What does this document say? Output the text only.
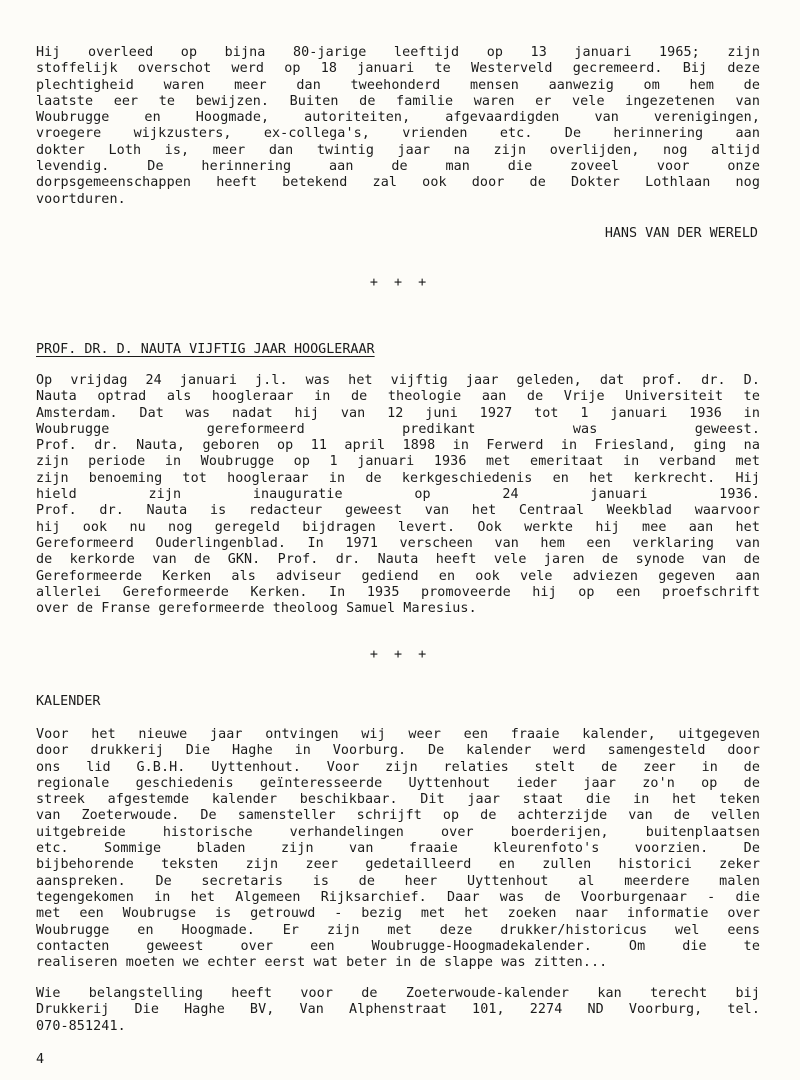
Hij overleed op bijna 80-jarige leeftijd op 13 januari 1965; zijn
stoffelijk overschot werd op 18 januari te Westerveld gecremeerd. Bij deze
plechtigheid waren meer dan tweehonderd mensen aanwezig om hem de
laatste eer te bewijzen. Buiten de familie waren er vele ingezetenen van
Woubrugge en Hoogmade, autoriteiten, afgevaardigden van verenigingen,
vroegere wijkzusters, ex-collega's, vrienden etc. De herinnering aan
dokter Loth is, meer dan twintig jaar na zijn overlijden, nog altijd
levendig. De herinnering aan de man die zoveel voor onze
dorpsgemeenschappen heeft betekend zal ook door de Dokter Lothlaan nog
voortduren.
HANS VAN DER WERELD
+ + +
PROF. DR. D. NAUTA VIJFTIG JAAR HOOGLERAAR
Op vrijdag 24 januari j.l. was het vijftig jaar geleden, dat prof. dr. D.
Nauta optrad als hoogleraar in de theologie aan de Vrije Universiteit te
Amsterdam. Dat was nadat hij van 12 juni 1927 tot 1 januari 1936 in
Woubrugge gereformeerd predikant was geweest.
Prof. dr. Nauta, geboren op 11 april 1898 in Ferwerd in Friesland, ging na
zijn periode in Woubrugge op 1 januari 1936 met emeritaat in verband met
zijn benoeming tot hoogleraar in de kerkgeschiedenis en het kerkrecht. Hij
hield zijn inauguratie op 24 januari 1936.
Prof. dr. Nauta is redacteur geweest van het Centraal Weekblad waarvoor
hij ook nu nog geregeld bijdragen levert. Ook werkte hij mee aan het
Gereformeerd Ouderlingenblad. In 1971 verscheen van hem een verklaring van
de kerkorde van de GKN. Prof. dr. Nauta heeft vele jaren de synode van de
Gereformeerde Kerken als adviseur gediend en ook vele adviezen gegeven aan
allerlei Gereformeerde Kerken. In 1935 promoveerde hij op een proefschrift
over de Franse gereformeerde theoloog Samuel Maresius.
+ + +
KALENDER
Voor het nieuwe jaar ontvingen wij weer een fraaie kalender, uitgegeven
door drukkerij Die Haghe in Voorburg. De kalender werd samengesteld door
ons lid G.B.H. Uyttenhout. Voor zijn relaties stelt de zeer in de
regionale geschiedenis geïnteresseerde Uyttenhout ieder jaar zo'n op de
streek afgestemde kalender beschikbaar. Dit jaar staat die in het teken
van Zoeterwoude. De samensteller schrijft op de achterzijde van de vellen
uitgebreide historische verhandelingen over boerderijen, buitenplaatsen
etc. Sommige bladen zijn van fraaie kleurenfoto's voorzien. De
bijbehorende teksten zijn zeer gedetailleerd en zullen historici zeker
aanspreken. De secretaris is de heer Uyttenhout al meerdere malen
tegengekomen in het Algemeen Rijksarchief. Daar was de Voorburgenaar - die
met een Woubrugse is getrouwd - bezig met het zoeken naar informatie over
Woubrugge en Hoogmade. Er zijn met deze drukker/historicus wel eens
contacten geweest over een Woubrugge-Hoogmadekalender. Om die te
realiseren moeten we echter eerst wat beter in de slappe was zitten...
Wie belangstelling heeft voor de Zoeterwoude-kalender kan terecht bij
Drukkerij Die Haghe BV, Van Alphenstraat 101, 2274 ND Voorburg, tel.
070-851241.
4
